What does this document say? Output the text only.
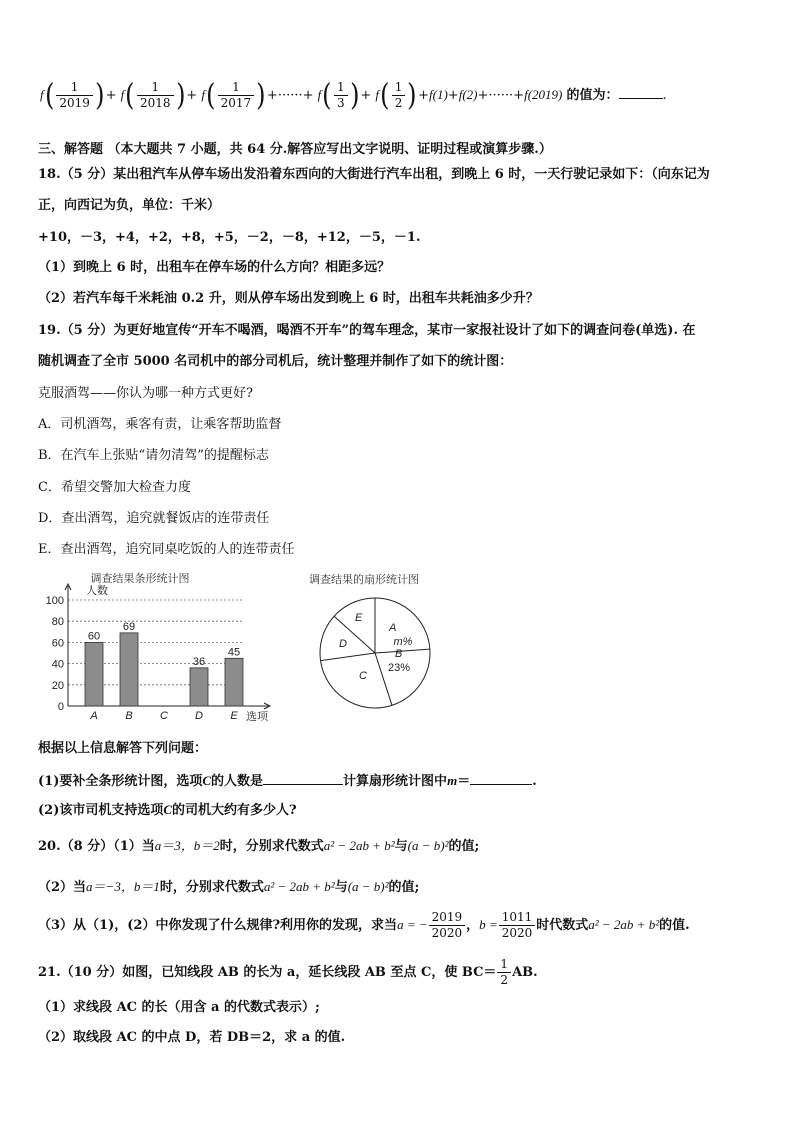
$f( \frac{1}{2019}$ )+ $f( \frac{1}{2018}$ )+ $f( \frac{1}{2017}$ )+······+ $f( \frac{1}{3}$ )+ $f( \frac{1}{2} )+f(1)+f(2)+\cdot\cdot\cdot\cdot\cdot\cdot+f(2019)$ 的值为：	.
三、解答题 （本大题共 7 小题，共 64 分.解答应写出文字说明、证明过程或演算步骤.）
18.（5 分）某出租汽车从停车场出发沿着东西向的大街进行汽车出租，到晚上 6 时，一天行驶记录如下：（向东记为
正，向西记为负，单位：千米）
+10，－3，+4，+2，+8，+5，－2，－8，+12，－5，－1.
（1）到晚上 6 时，出租车在停车场的什么方向？相距多远？
（2）若汽车每千米耗油 0.2 升，则从停车场出发到晚上 6 时，出租车共耗油多少升？
19.（5 分）为更好地宣传“开车不喝酒，喝酒不开车”的驾车理念，某市一家报社设计了如下的调查问卷(单选). 在
随机调查了全市 5000 名司机中的部分司机后，统计整理并制作了如下的统计图：
克服酒驾——你认为哪一种方式更好?
A．司机酒驾，乘客有责，让乘客帮助监督
B．在汽车上张贴“请勿清驾”的提醒标志
C．希望交警加大检查力度
D．查出酒驾，追究就餐饭店的连带责任
E．查出酒驾，追究同桌吃饭的人的连带责任
调查结果条形统计图
人数
选项
0
20
40
60
80
100
60
A
69
B C
36
D
45
E
调查结果的扇形统计图
A
m%
B
23%
C
D
E
根据以上信息解答下列问题：
(1)要补全条形统计图，选项C的人数是	计算扇形统计图中m＝	.
(2)该市司机支持选项C的司机大约有多少人?
20.（8 分）（1）当a＝3，b＝2时，分别求代数式a² − 2ab + b²与(a − b)²的值;
（2）当a＝−3，b＝1时，分别求代数式a² − 2ab + b²与(a − b)²的值;
（3）从（1)，(2）中你发现了什么规律?利用你的发现，求当a = − $\frac{2019}{2020}$ ，$b = \frac{1011}{2020}$ 时代数式a² − 2ab + b²的值.
21.（10 分）如图，已知线段 AB 的长为 a，延长线段 AB 至点 C，使 $BC= \frac{1}{2}$ AB.
（1）求线段 AC 的长（用含 a 的代数式表示）;
（2）取线段 AC 的中点 D，若 DB＝2，求 a 的值.
